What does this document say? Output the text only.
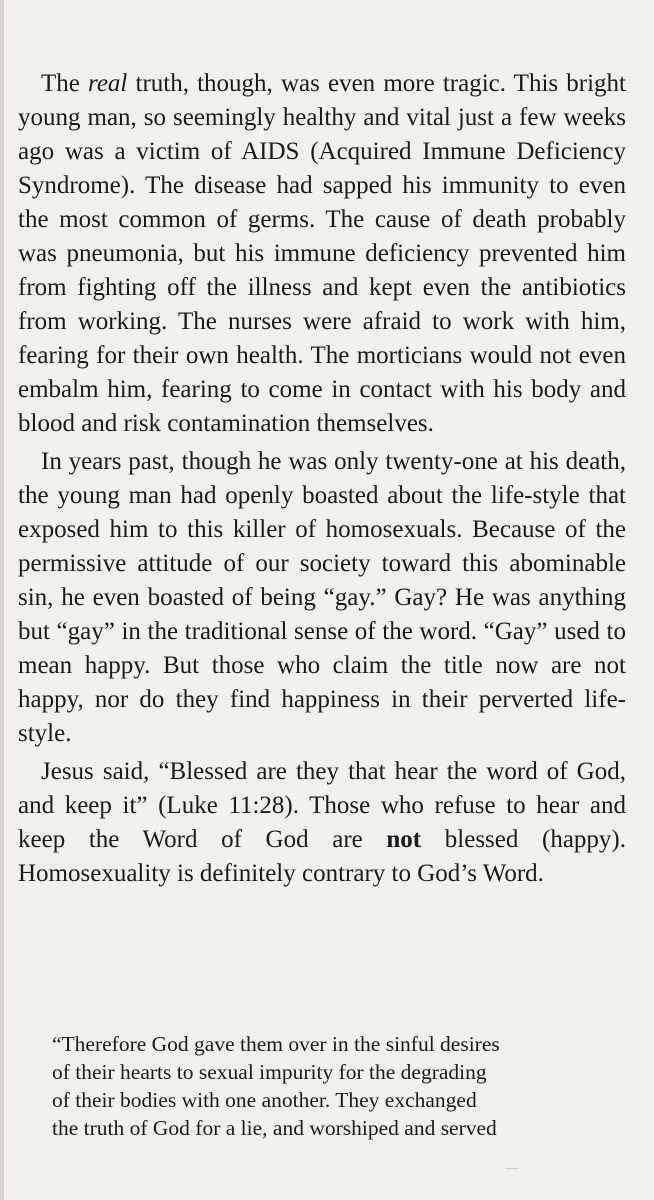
The real truth, though, was even more tragic. This bright young man, so seemingly healthy and vital just a few weeks ago was a victim of AIDS (Acquired Immune Deficiency Syndrome). The disease had sapped his immunity to even the most common of germs. The cause of death probably was pneumonia, but his immune deficiency prevented him from fighting off the illness and kept even the antibiotics from working. The nurses were afraid to work with him, fearing for their own health. The morticians would not even embalm him, fearing to come in contact with his body and blood and risk contamination themselves.

In years past, though he was only twenty-one at his death, the young man had openly boasted about the life-style that exposed him to this killer of homosexuals. Because of the permissive attitude of our society toward this abominable sin, he even boasted of being “gay.” Gay? He was anything but “gay” in the traditional sense of the word. “Gay” used to mean happy. But those who claim the title now are not happy, nor do they find happiness in their perverted life-style.

Jesus said, “Blessed are they that hear the word of God, and keep it” (Luke 11:28). Those who refuse to hear and keep the Word of God are not blessed (happy). Homosexuality is definitely contrary to God’s Word.

“Therefore God gave them over in the sinful desires
of their hearts to sexual impurity for the degrading
of their bodies with one another. They exchanged
the truth of God for a lie, and worshiped and served
